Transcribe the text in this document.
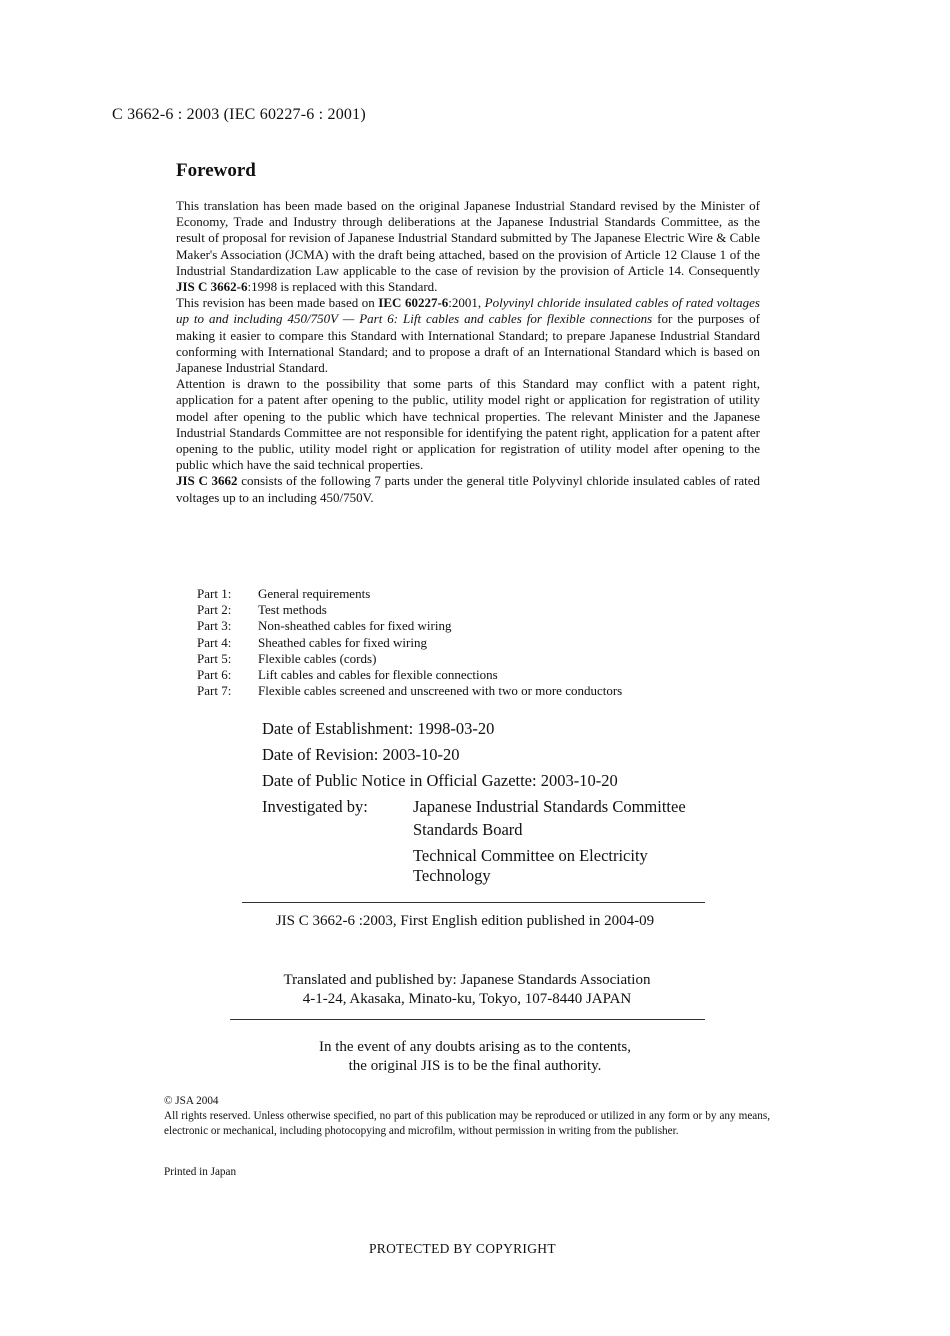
C 3662-6 : 2003 (IEC 60227-6 : 2001)
Foreword

This translation has been made based on the original Japanese Industrial Standard revised by the Minister of Economy, Trade and Industry through deliberations at the Japanese Industrial Standards Committee, as the result of proposal for revision of Japanese Industrial Standard submitted by The Japanese Electric Wire & Cable Maker's Association (JCMA) with the draft being attached, based on the provision of Article 12 Clause 1 of the Industrial Standardization Law applicable to the case of revision by the provision of Article 14. Consequently JIS C 3662-6:1998 is replaced with this Standard.

This revision has been made based on IEC 60227-6:2001, Polyvinyl chloride insulated cables of rated voltages up to and including 450/750V — Part 6: Lift cables and cables for flexible connections for the purposes of making it easier to compare this Standard with International Standard; to prepare Japanese Industrial Standard conforming with International Standard; and to propose a draft of an International Standard which is based on Japanese Industrial Standard.

Attention is drawn to the possibility that some parts of this Standard may conflict with a patent right, application for a patent after opening to the public, utility model right or application for registration of utility model after opening to the public which have technical properties. The relevant Minister and the Japanese Industrial Standards Committee are not responsible for identifying the patent right, application for a patent after opening to the public, utility model right or application for registration of utility model after opening to the public which have the said technical properties.

JIS C 3662 consists of the following 7 parts under the general title Polyvinyl chloride insulated cables of rated voltages up to an including 450/750V.

Part 1:	General requirements
Part 2:	Test methods
Part 3:	Non-sheathed cables for fixed wiring
Part 4:	Sheathed cables for fixed wiring
Part 5:	Flexible cables (cords)
Part 6:	Lift cables and cables for flexible connections
Part 7:	Flexible cables screened and unscreened with two or more conductors
Date of Establishment: 1998-03-20
Date of Revision: 2003-10-20
Date of Public Notice in Official Gazette: 2003-10-20
Investigated by:	Japanese Industrial Standards Committee
Standards Board
Technical Committee on Electricity Technology
JIS C 3662-6 :2003, First English edition published in 2004-09
Translated and published by: Japanese Standards Association
4-1-24, Akasaka, Minato-ku, Tokyo, 107-8440 JAPAN
In the event of any doubts arising as to the contents,
the original JIS is to be the final authority.
© JSA 2004
All rights reserved. Unless otherwise specified, no part of this publication may be reproduced or utilized in any form or by any means, electronic or mechanical, including photocopying and microfilm, without permission in writing from the publisher.
Printed in Japan
PROTECTED BY COPYRIGHT
